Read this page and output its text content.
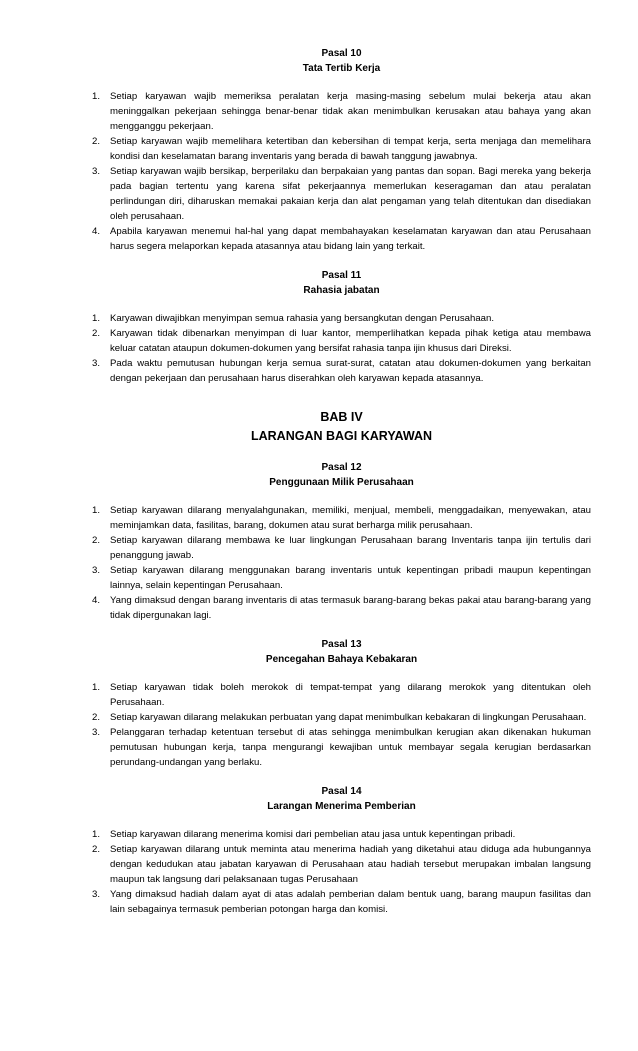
Pasal 10

Tata Tertib Kerja

1. Setiap karyawan wajib memeriksa peralatan kerja masing-masing sebelum mulai bekerja atau akan meninggalkan pekerjaan sehingga benar-benar tidak akan menimbulkan kerusakan atau bahaya yang akan mengganggu pekerjaan.
2. Setiap karyawan wajib memelihara ketertiban dan kebersihan di tempat kerja, serta menjaga dan memelihara kondisi dan keselamatan barang inventaris yang berada di bawah tanggung jawabnya.
3. Setiap karyawan wajib bersikap, berperilaku dan berpakaian yang pantas dan sopan. Bagi mereka yang bekerja pada bagian tertentu yang karena sifat pekerjaannya memerlukan keseragaman dan atau peralatan perlindungan diri, diharuskan memakai pakaian kerja dan alat pengaman yang telah ditentukan dan disediakan oleh perusahaan.
4. Apabila karyawan menemui hal-hal yang dapat membahayakan keselamatan karyawan dan atau Perusahaan harus segera melaporkan kepada atasannya atau bidang lain yang terkait.

Pasal 11

Rahasia jabatan

1. Karyawan diwajibkan menyimpan semua rahasia yang bersangkutan dengan Perusahaan.
2. Karyawan tidak dibenarkan menyimpan di luar kantor, memperlihatkan kepada pihak ketiga atau membawa keluar catatan ataupun dokumen-dokumen yang bersifat rahasia tanpa ijin khusus dari Direksi.
3. Pada waktu pemutusan hubungan kerja semua surat-surat, catatan atau dokumen-dokumen yang berkaitan dengan pekerjaan dan perusahaan harus diserahkan oleh karyawan kepada atasannya.

BAB IV

LARANGAN BAGI KARYAWAN

Pasal 12

Penggunaan Milik Perusahaan

1. Setiap karyawan dilarang menyalahgunakan, memiliki, menjual, membeli, menggadaikan, menyewakan, atau meminjamkan data, fasilitas, barang, dokumen atau surat berharga milik perusahaan.
2. Setiap karyawan dilarang membawa ke luar lingkungan Perusahaan barang Inventaris tanpa ijin tertulis dari penanggung jawab.
3. Setiap karyawan dilarang menggunakan barang inventaris untuk kepentingan pribadi maupun kepentingan lainnya, selain kepentingan Perusahaan.
4. Yang dimaksud dengan barang inventaris di atas termasuk barang-barang bekas pakai atau barang-barang yang tidak dipergunakan lagi.

Pasal 13

Pencegahan Bahaya Kebakaran

1. Setiap karyawan tidak boleh merokok di tempat-tempat yang dilarang merokok yang ditentukan oleh Perusahaan.
2. Setiap karyawan dilarang melakukan perbuatan yang dapat menimbulkan kebakaran di lingkungan Perusahaan.
3. Pelanggaran terhadap ketentuan tersebut di atas sehingga menimbulkan kerugian akan dikenakan hukuman pemutusan hubungan kerja, tanpa mengurangi kewajiban untuk membayar segala kerugian berdasarkan perundang-undangan yang berlaku.

Pasal 14

Larangan Menerima Pemberian

1. Setiap karyawan dilarang menerima komisi dari pembelian atau jasa untuk kepentingan pribadi.
2. Setiap karyawan dilarang untuk meminta atau menerima hadiah yang diketahui atau diduga ada hubungannya dengan kedudukan atau jabatan karyawan di Perusahaan atau hadiah tersebut merupakan imbalan langsung maupun tak langsung dari pelaksanaan tugas Perusahaan
3. Yang dimaksud hadiah dalam ayat di atas adalah pemberian dalam bentuk uang, barang maupun fasilitas dan lain sebagainya termasuk pemberian potongan harga dan komisi.
